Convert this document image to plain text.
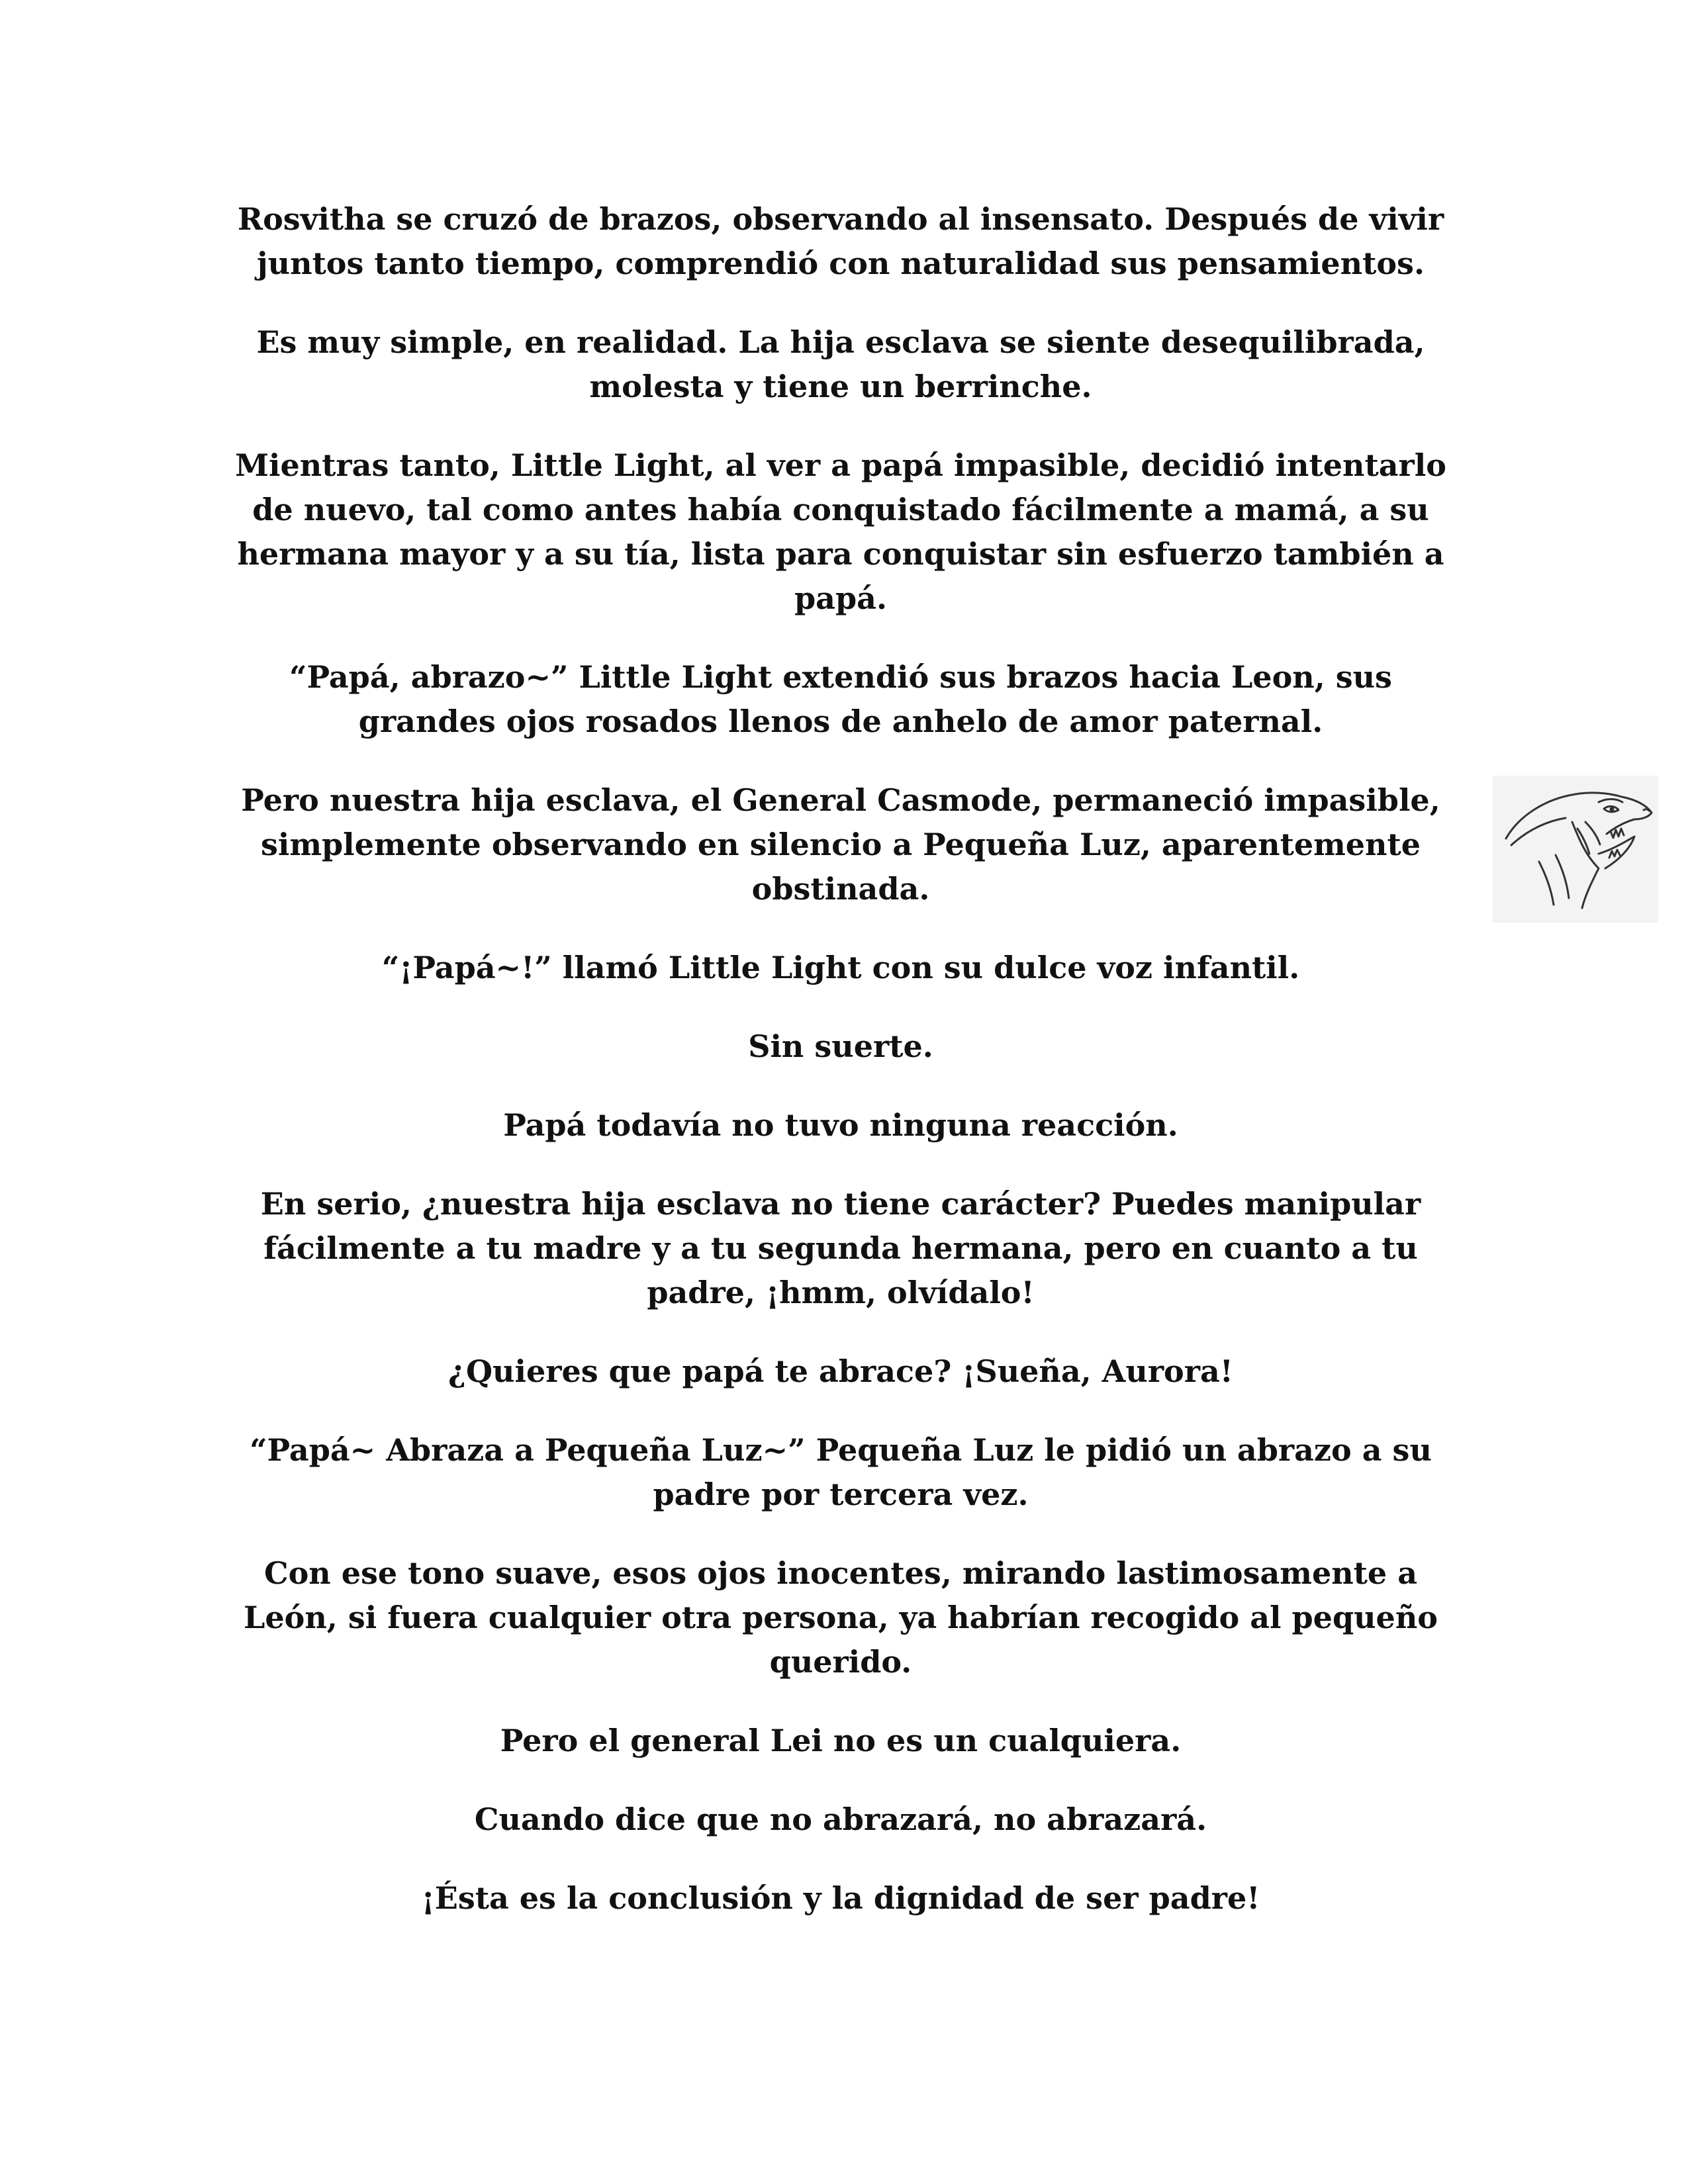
Rosvitha se cruzó de brazos, observando al insensato. Después de vivir juntos tanto tiempo, comprendió con naturalidad sus pensamientos.

Es muy simple, en realidad. La hija esclava se siente desequilibrada, molesta y tiene un berrinche.

Mientras tanto, Little Light, al ver a papá impasible, decidió intentarlo de nuevo, tal como antes había conquistado fácilmente a mamá, a su hermana mayor y a su tía, lista para conquistar sin esfuerzo también a papá.

“Papá, abrazo~” Little Light extendió sus brazos hacia Leon, sus grandes ojos rosados llenos de anhelo de amor paternal.

Pero nuestra hija esclava, el General Casmode, permaneció impasible, simplemente observando en silencio a Pequeña Luz, aparentemente obstinada.

“¡Papá~!” llamó Little Light con su dulce voz infantil.

Sin suerte.

Papá todavía no tuvo ninguna reacción.

En serio, ¿nuestra hija esclava no tiene carácter? Puedes manipular fácilmente a tu madre y a tu segunda hermana, pero en cuanto a tu padre, ¡hmm, olvídalo!

¿Quieres que papá te abrace? ¡Sueña, Aurora!

“Papá~ Abraza a Pequeña Luz~” Pequeña Luz le pidió un abrazo a su padre por tercera vez.

Con ese tono suave, esos ojos inocentes, mirando lastimosamente a León, si fuera cualquier otra persona, ya habrían recogido al pequeño querido.

Pero el general Lei no es un cualquiera.

Cuando dice que no abrazará, no abrazará.

¡Ésta es la conclusión y la dignidad de ser padre!
